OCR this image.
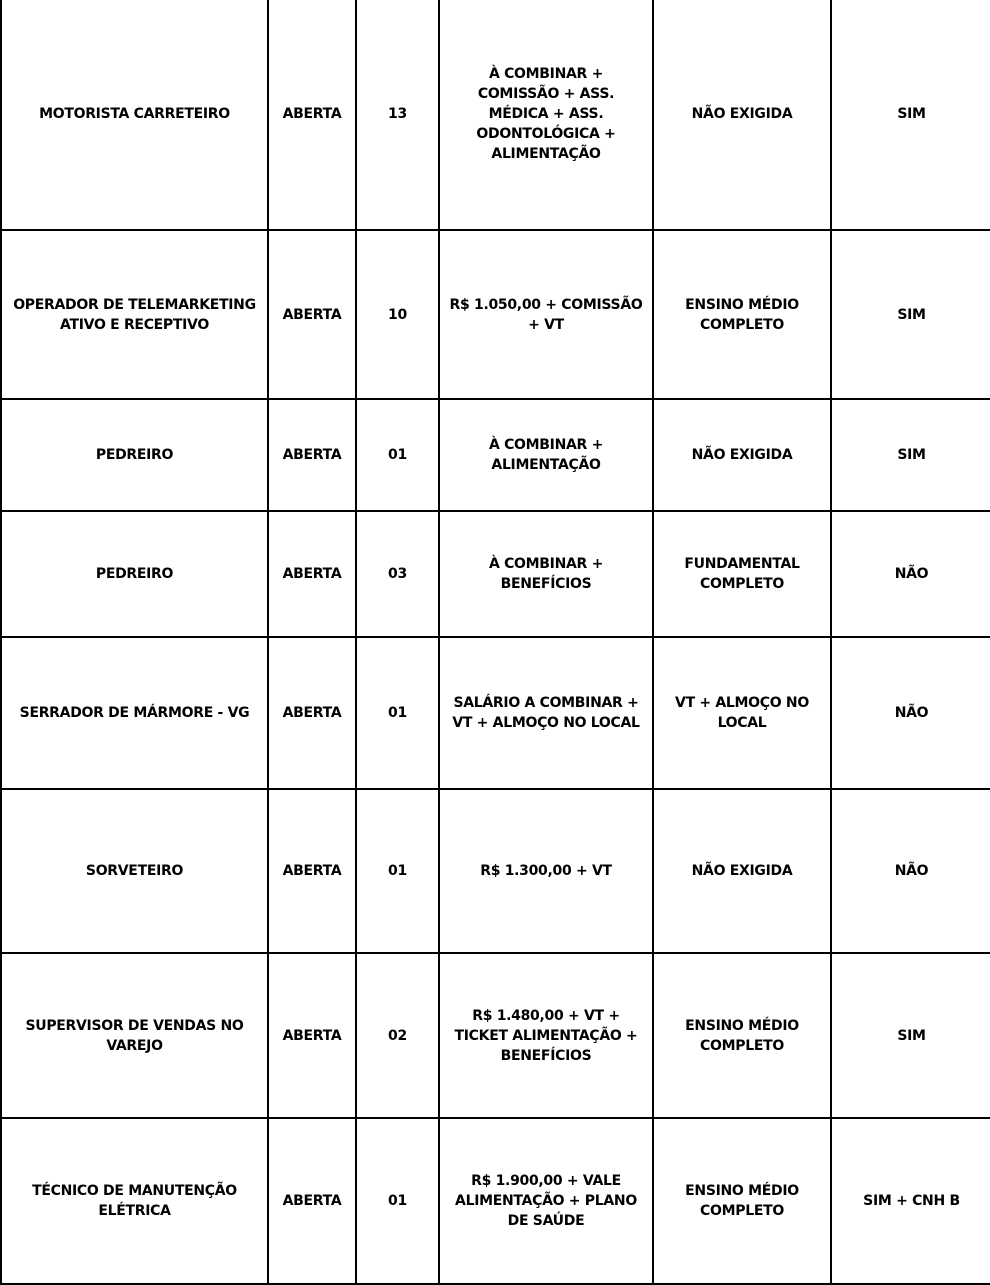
MOTORISTA CARRETEIRO	ABERTA	13	À COMBINAR + COMISSÃO + ASS. MÉDICA + ASS. ODONTOLÓGICA + ALIMENTAÇÃO	NÃO EXIGIDA	SIM
OPERADOR DE TELEMARKETING ATIVO E RECEPTIVO	ABERTA	10	R$ 1.050,00 + COMISSÃO + VT	ENSINO MÉDIO COMPLETO	SIM
PEDREIRO	ABERTA	01	À COMBINAR + ALIMENTAÇÃO	NÃO EXIGIDA	SIM
PEDREIRO	ABERTA	03	À COMBINAR + BENEFÍCIOS	FUNDAMENTAL COMPLETO	NÃO
SERRADOR DE MÁRMORE - VG	ABERTA	01	SALÁRIO A COMBINAR + VT + ALMOÇO NO LOCAL	VT + ALMOÇO NO LOCAL	NÃO
SORVETEIRO	ABERTA	01	R$ 1.300,00 + VT	NÃO EXIGIDA	NÃO
SUPERVISOR DE VENDAS NO VAREJO	ABERTA	02	R$ 1.480,00 + VT + TICKET ALIMENTAÇÃO + BENEFÍCIOS	ENSINO MÉDIO COMPLETO	SIM
TÉCNICO DE MANUTENÇÃO ELÉTRICA	ABERTA	01	R$ 1.900,00 + VALE ALIMENTAÇÃO + PLANO DE SAÚDE	ENSINO MÉDIO COMPLETO	SIM + CNH B
